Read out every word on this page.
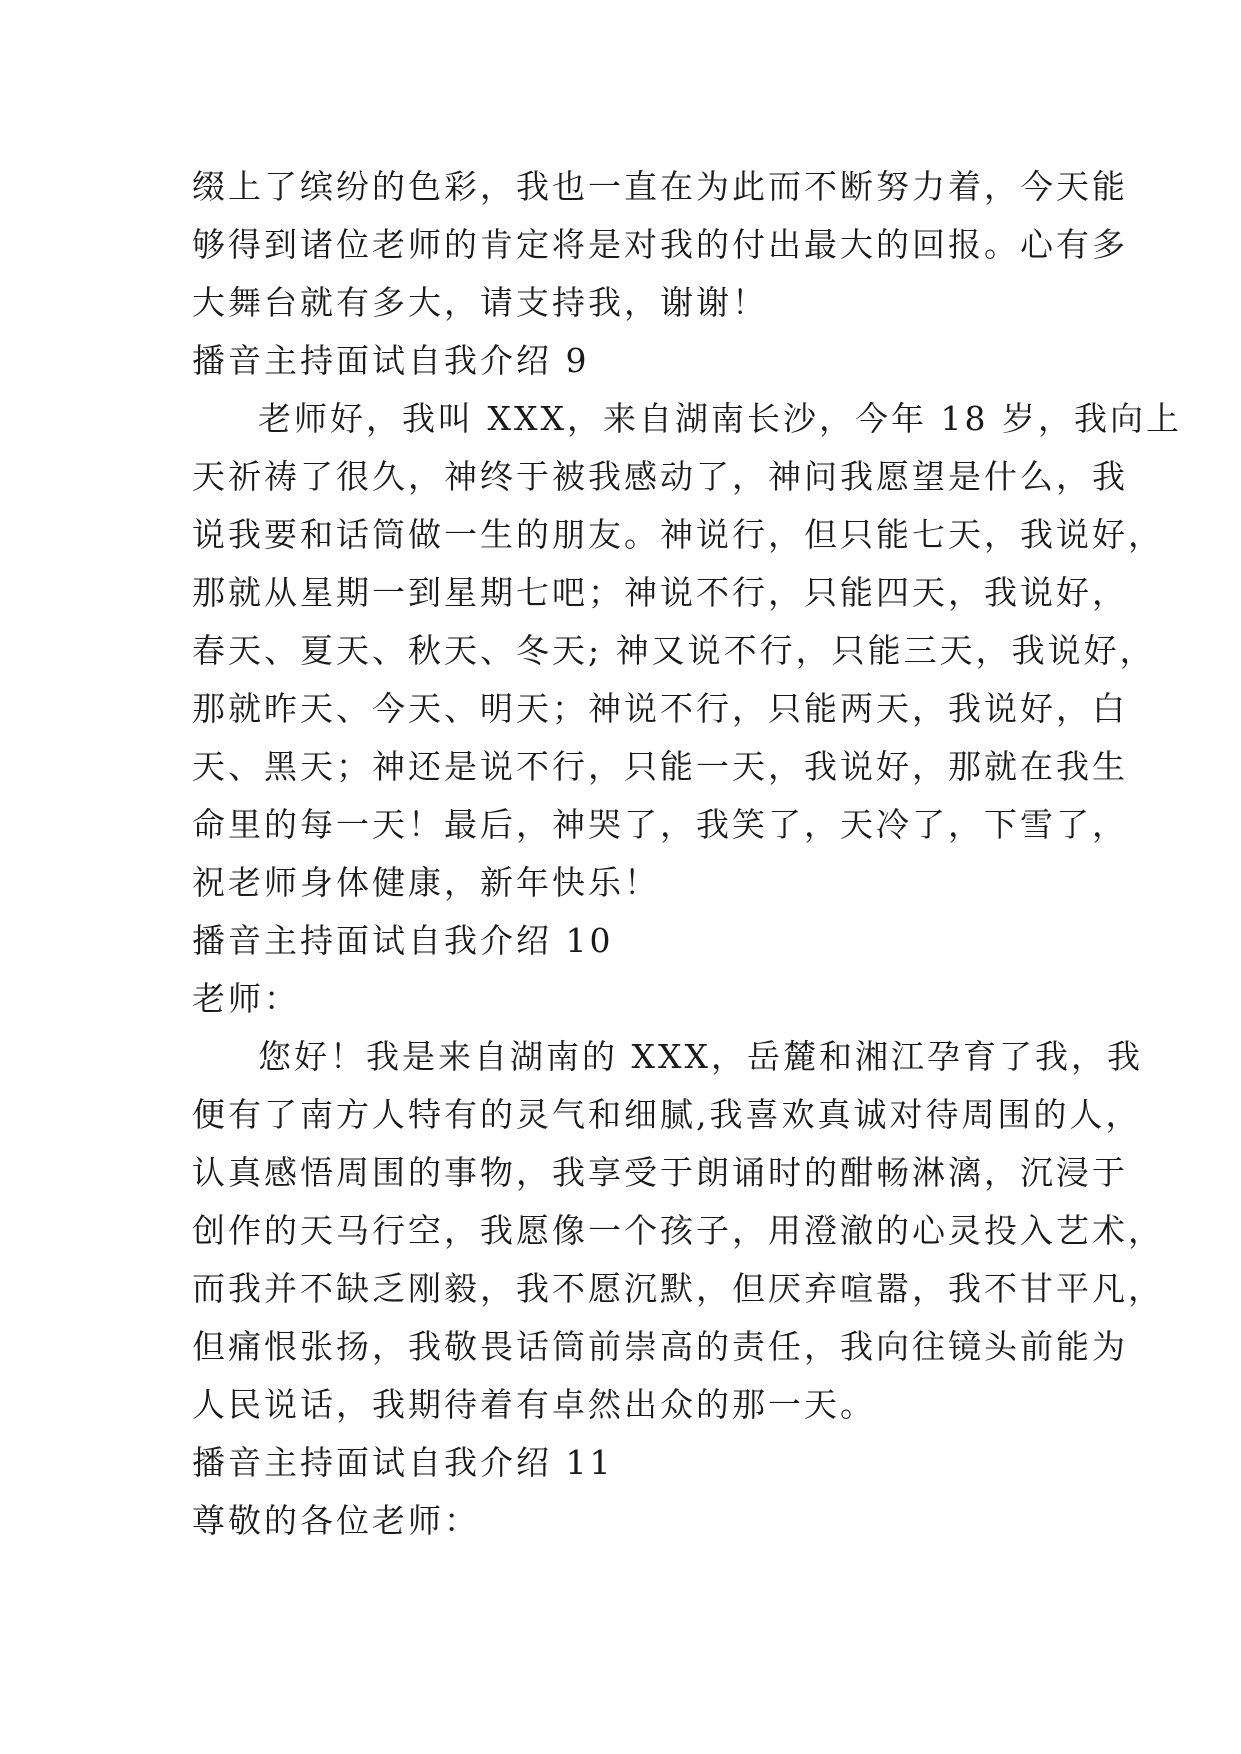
缀上了缤纷的色彩，我也一直在为此而不断努力着，今天能
够得到诸位老师的肯定将是对我的付出最大的回报。心有多
大舞台就有多大，请支持我，谢谢！
播音主持面试自我介绍 9
老师好，我叫 XXX，来自湖南长沙，今年 18 岁，我向上
天祈祷了很久，神终于被我感动了，神问我愿望是什么，我
说我要和话筒做一生的朋友。神说行，但只能七天，我说好，
那就从星期一到星期七吧；神说不行，只能四天，我说好，
春天、夏天、秋天、冬天; 神又说不行，只能三天，我说好，
那就昨天、今天、明天；神说不行，只能两天，我说好，白
天、黑天；神还是说不行，只能一天，我说好，那就在我生
命里的每一天！最后，神哭了，我笑了，天冷了，下雪了，
祝老师身体健康，新年快乐！
播音主持面试自我介绍 10
老师：
您好！我是来自湖南的 XXX，岳麓和湘江孕育了我，我
便有了南方人特有的灵气和细腻,我喜欢真诚对待周围的人，
认真感悟周围的事物，我享受于朗诵时的酣畅淋漓，沉浸于
创作的天马行空，我愿像一个孩子，用澄澈的心灵投入艺术，
而我并不缺乏刚毅，我不愿沉默，但厌弃喧嚣，我不甘平凡，
但痛恨张扬，我敬畏话筒前崇高的责任，我向往镜头前能为
人民说话，我期待着有卓然出众的那一天。
播音主持面试自我介绍 11
尊敬的各位老师：
